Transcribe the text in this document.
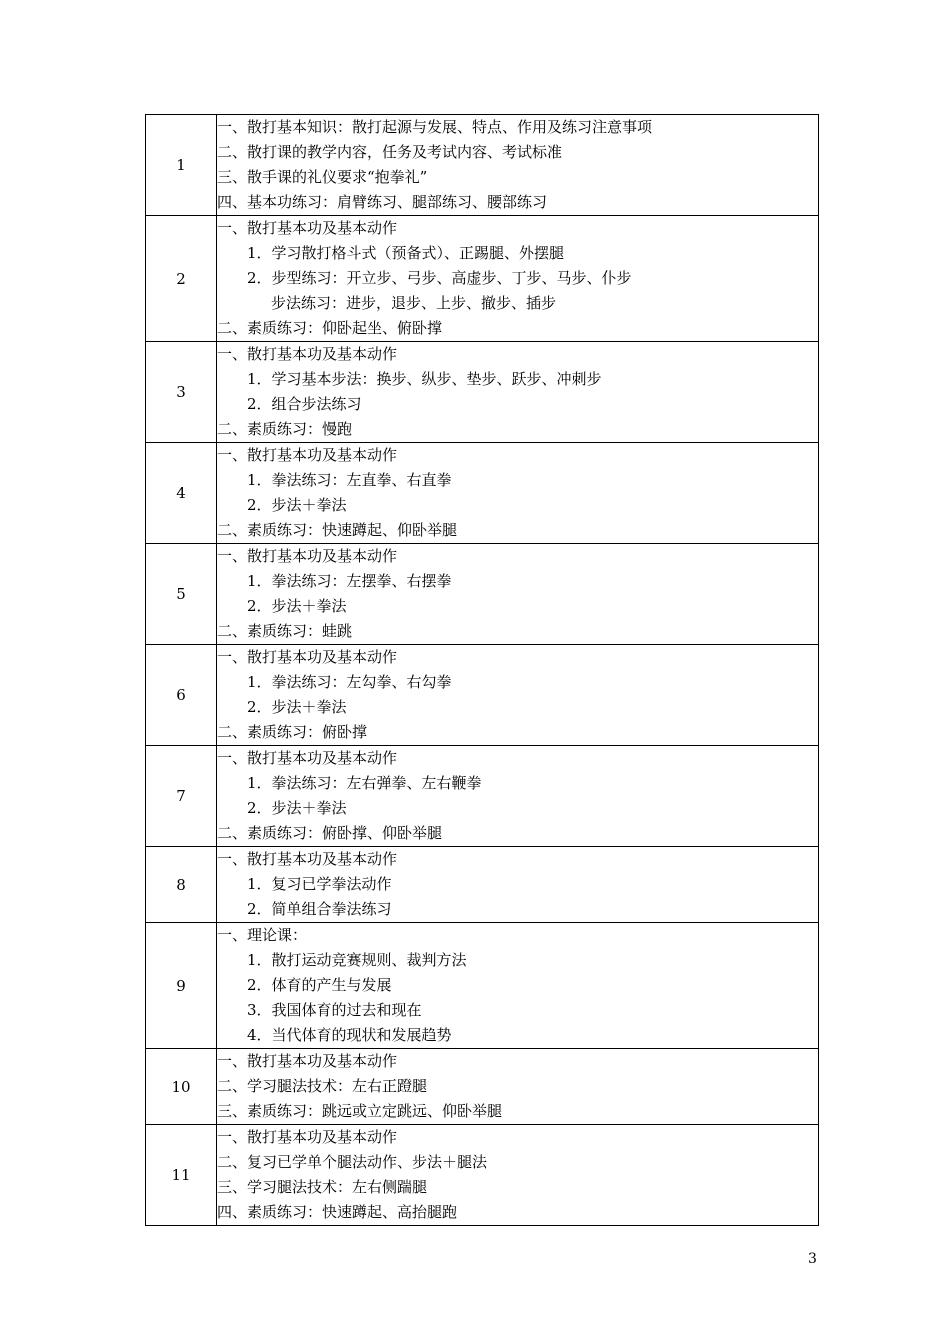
1	一、散打基本知识：散打起源与发展、特点、作用及练习注意事项
二、散打课的教学内容，任务及考试内容、考试标准
三、散手课的礼仪要求“抱拳礼”
四、基本功练习：肩臂练习、腿部练习、腰部练习

2	一、散打基本功及基本动作
1．学习散打格斗式（预备式）、正踢腿、外摆腿
2．步型练习：开立步、弓步、高虚步、丁步、马步、仆步
步法练习：进步，退步、上步、撤步、插步
二、素质练习：仰卧起坐、俯卧撑

3	一、散打基本功及基本动作
1．学习基本步法：换步、纵步、垫步、跃步、冲刺步
2．组合步法练习
二、素质练习：慢跑

4	一、散打基本功及基本动作
1．拳法练习：左直拳、右直拳
2．步法＋拳法
二、素质练习：快速蹲起、仰卧举腿

5	一、散打基本功及基本动作
1．拳法练习：左摆拳、右摆拳
2．步法＋拳法
二、素质练习：蛙跳

6	一、散打基本功及基本动作
1．拳法练习：左勾拳、右勾拳
2．步法＋拳法
二、素质练习：俯卧撑

7	一、散打基本功及基本动作
1．拳法练习：左右弹拳、左右鞭拳
2．步法＋拳法
二、素质练习：俯卧撑、仰卧举腿

8	一、散打基本功及基本动作
1．复习已学拳法动作
2．简单组合拳法练习

9	一、理论课：
1．散打运动竞赛规则、裁判方法
2．体育的产生与发展
3．我国体育的过去和现在
4．当代体育的现状和发展趋势

10	一、散打基本功及基本动作
二、学习腿法技术：左右正蹬腿
三、素质练习：跳远或立定跳远、仰卧举腿

11	一、散打基本功及基本动作
二、复习已学单个腿法动作、步法＋腿法
三、学习腿法技术：左右侧踹腿
四、素质练习：快速蹲起、高抬腿跑
3
